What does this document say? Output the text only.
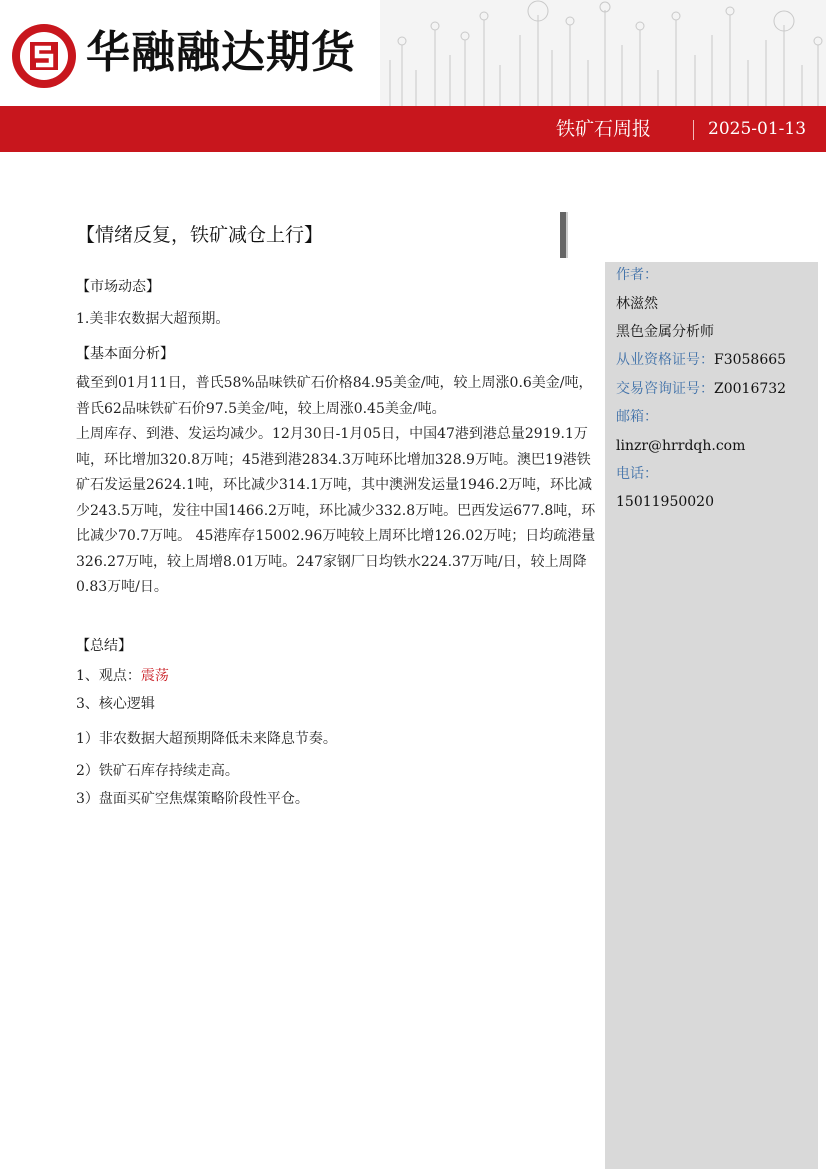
华融融达期货
铁矿石周报	2025-01-13
【情绪反复，铁矿减仓上行】
作者：
林滋然
黑色金属分析师
从业资格证号：F3058665
交易咨询证号：Z0016732
邮箱：
linzr@hrrdqh.com
电话：
15011950020
【市场动态】
1.美非农数据大超预期。
【基本面分析】

截至到01月11日，普氏58%品味铁矿石价格84.95美金/吨，较上周涨0.6美金/吨，普氏62品味铁矿石价97.5美金/吨，较上周涨0.45美金/吨。

上周库存、到港、发运均减少。12月30日-1月05日，中国47港到港总量2919.1万吨，环比增加320.8万吨；45港到港2834.3万吨环比增加328.9万吨。澳巴19港铁矿石发运量2624.1吨，环比减少314.1万吨，其中澳洲发运量1946.2万吨，环比减少243.5万吨，发往中国1466.2万吨，环比减少332.8万吨。巴西发运677.8吨，环比减少70.7万吨。 45港库存15002.96万吨较上周环比增126.02万吨；日均疏港量326.27万吨，较上周增8.01万吨。247家钢厂日均铁水224.37万吨/日，较上周降0.83万吨/日。

【总结】
1、观点：震荡
3、核心逻辑
1）非农数据大超预期降低未来降息节奏。
2）铁矿石库存持续走高。
3）盘面买矿空焦煤策略阶段性平仓。
